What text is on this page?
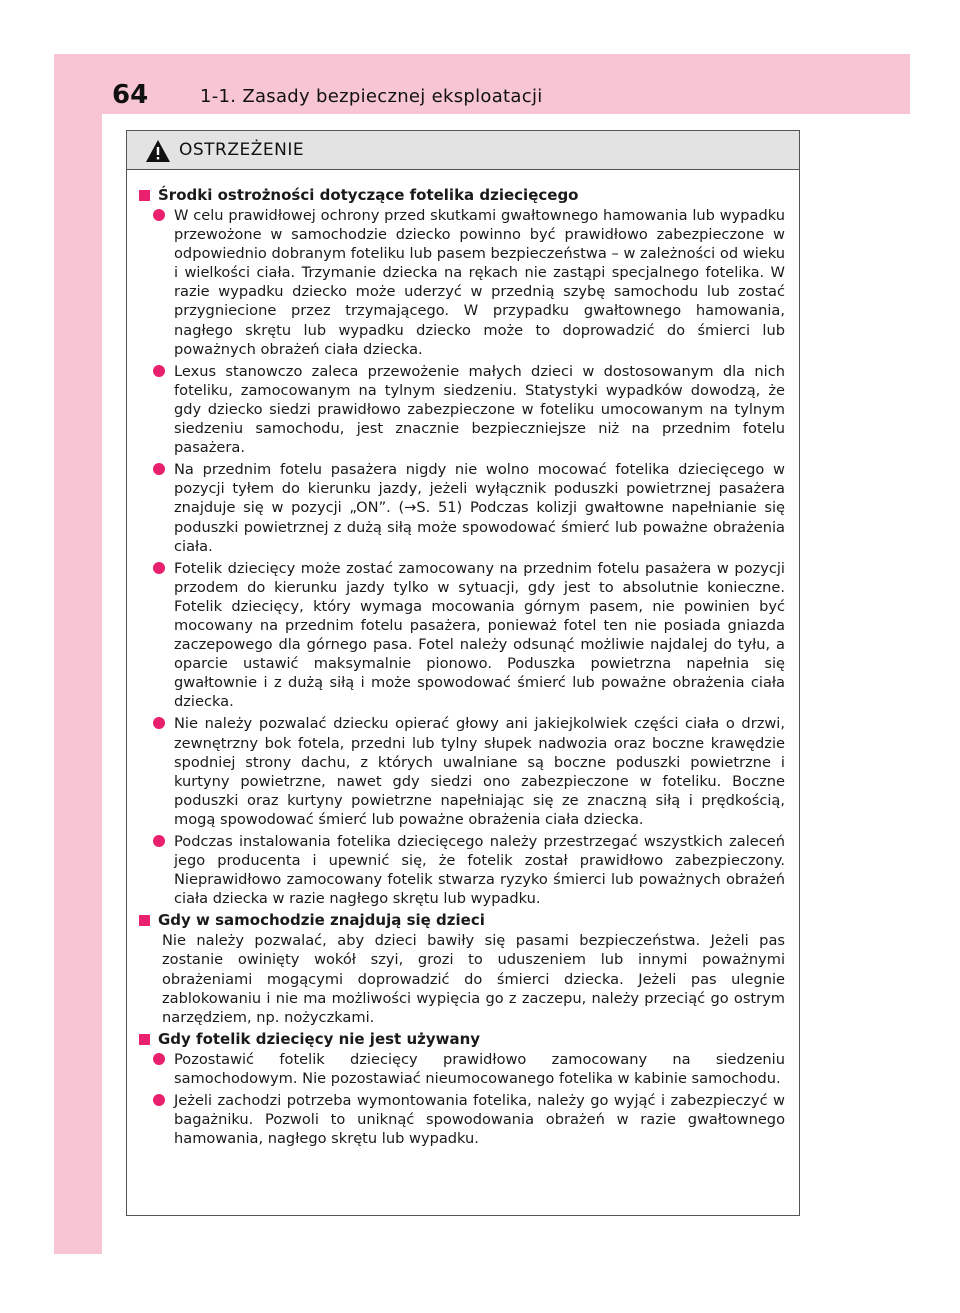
64	1-1. Zasady bezpiecznej eksploatacji
OSTRZEŻENIE
Środki ostrożności dotyczące fotelika dziecięcego
W celu prawidłowej ochrony przed skutkami gwałtownego hamowania lub wypadku przewożone w samochodzie dziecko powinno być prawidłowo zabezpieczone w odpowiednio dobranym foteliku lub pasem bezpieczeństwa – w zależności od wieku i wielkości ciała. Trzymanie dziecka na rękach nie zastąpi specjalnego fotelika. W razie wypadku dziecko może uderzyć w przednią szybę samochodu lub zostać przygniecione przez trzymającego. W przypadku gwałtownego hamowania, nagłego skrętu lub wypadku dziecko może to doprowadzić do śmierci lub poważnych obrażeń ciała dziecka.
Lexus stanowczo zaleca przewożenie małych dzieci w dostosowanym dla nich foteliku, zamocowanym na tylnym siedzeniu. Statystyki wypadków dowodzą, że gdy dziecko siedzi prawidłowo zabezpieczone w foteliku umocowanym na tylnym siedzeniu samochodu, jest znacznie bezpieczniejsze niż na przednim fotelu pasażera.
Na przednim fotelu pasażera nigdy nie wolno mocować fotelika dziecięcego w pozycji tyłem do kierunku jazdy, jeżeli wyłącznik poduszki powietrznej pasażera znajduje się w pozycji „ON”. (→S. 51) Podczas kolizji gwałtowne napełnianie się poduszki powietrznej z dużą siłą może spowodować śmierć lub poważne obrażenia ciała.
Fotelik dziecięcy może zostać zamocowany na przednim fotelu pasażera w pozycji przodem do kierunku jazdy tylko w sytuacji, gdy jest to absolutnie konieczne. Fotelik dziecięcy, który wymaga mocowania górnym pasem, nie powinien być mocowany na przednim fotelu pasażera, ponieważ fotel ten nie posiada gniazda zaczepowego dla górnego pasa. Fotel należy odsunąć możliwie najdalej do tyłu, a oparcie ustawić maksymalnie pionowo. Poduszka powietrzna napełnia się gwałtownie i z dużą siłą i może spowodować śmierć lub poważne obrażenia ciała dziecka.
Nie należy pozwalać dziecku opierać głowy ani jakiejkolwiek części ciała o drzwi, zewnętrzny bok fotela, przedni lub tylny słupek nadwozia oraz boczne krawędzie spodniej strony dachu, z których uwalniane są boczne poduszki powietrzne i kurtyny powietrzne, nawet gdy siedzi ono zabezpieczone w foteliku. Boczne poduszki oraz kurtyny powietrzne napełniając się ze znaczną siłą i prędkością, mogą spowodować śmierć lub poważne obrażenia ciała dziecka.
Podczas instalowania fotelika dziecięcego należy przestrzegać wszystkich zaleceń jego producenta i upewnić się, że fotelik został prawidłowo zabezpieczony. Nieprawidłowo zamocowany fotelik stwarza ryzyko śmierci lub poważnych obrażeń ciała dziecka w razie nagłego skrętu lub wypadku.
Gdy w samochodzie znajdują się dzieci
Nie należy pozwalać, aby dzieci bawiły się pasami bezpieczeństwa. Jeżeli pas zostanie owinięty wokół szyi, grozi to uduszeniem lub innymi poważnymi obrażeniami mogącymi doprowadzić do śmierci dziecka. Jeżeli pas ulegnie zablokowaniu i nie ma możliwości wypięcia go z zaczepu, należy przeciąć go ostrym narzędziem, np. nożyczkami.
Gdy fotelik dziecięcy nie jest używany
Pozostawić fotelik dziecięcy prawidłowo zamocowany na siedzeniu samochodowym. Nie pozostawiać nieumocowanego fotelika w kabinie samochodu.
Jeżeli zachodzi potrzeba wymontowania fotelika, należy go wyjąć i zabezpieczyć w bagażniku. Pozwoli to uniknąć spowodowania obrażeń w razie gwałtownego hamowania, nagłego skrętu lub wypadku.
